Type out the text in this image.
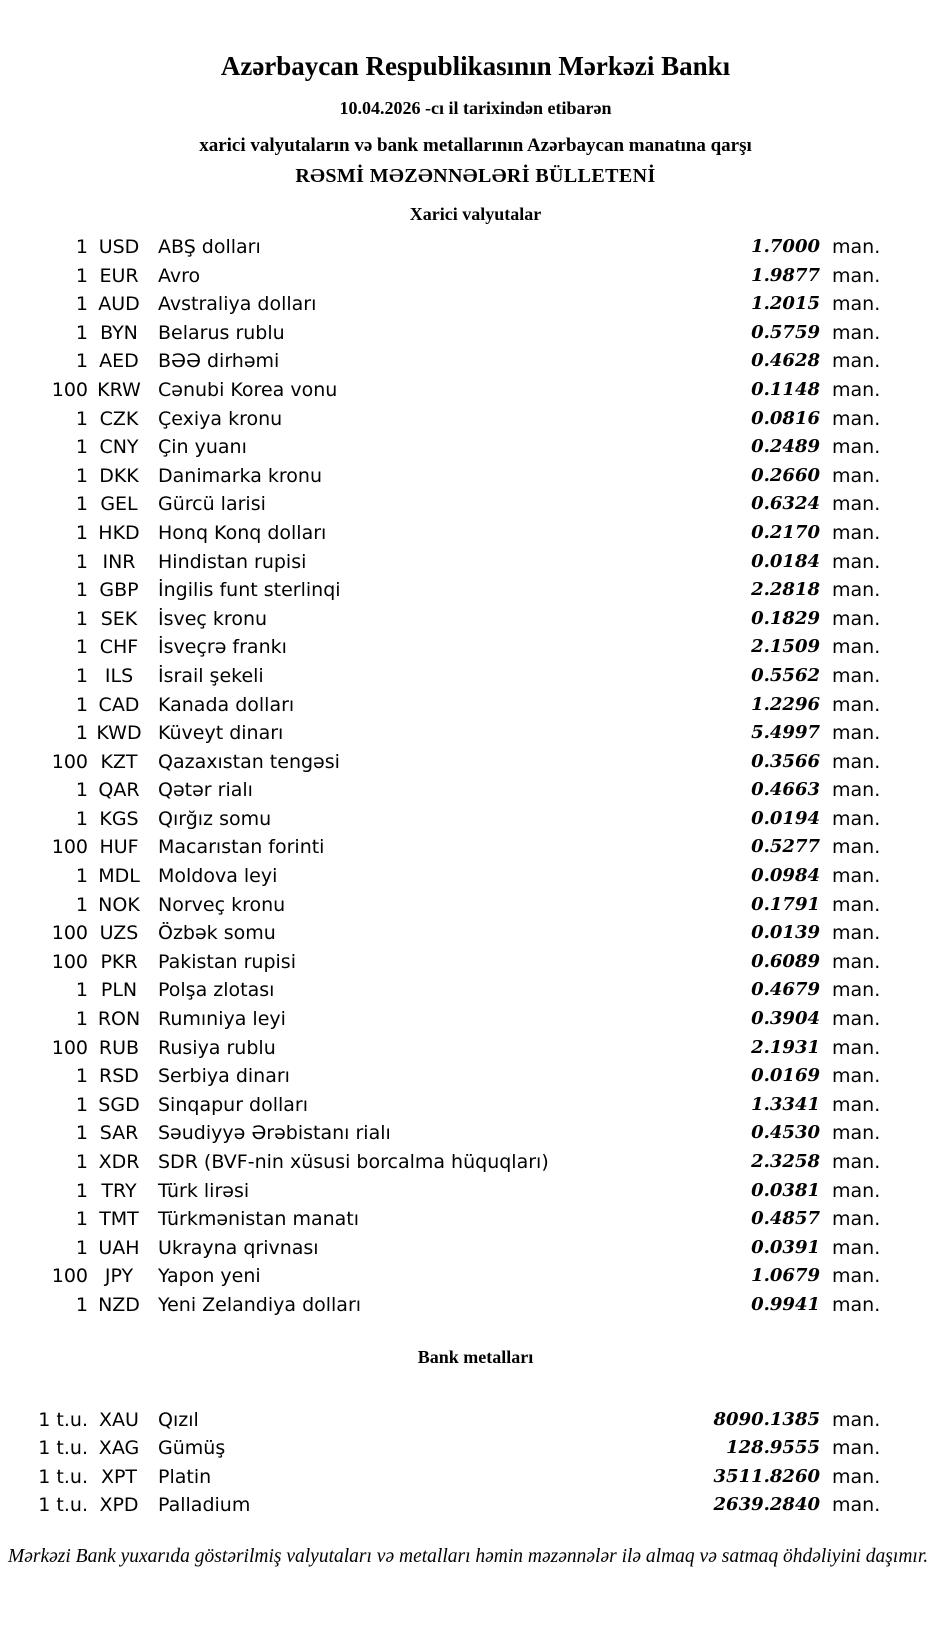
Azərbaycan Respublikasının Mərkəzi Bankı
10.04.2026 -cı il tarixindən etibarən
xarici valyutaların və bank metallarının Azərbaycan manatına qarşı
RƏSMİ MƏZƏNNƏLƏRİ BÜLLETENİ
Xarici valyutalar
1 USD ABŞ dolları	1.7000 man.
1 EUR	Avro	1.9877 man.
1 AUD Avstraliya dolları	1.2015 man.
1 BYN	Belarus rublu	0.5759 man.
1 AED	BƏƏ dirhəmi	0.4628 man.
100 KRW Cənubi Korea vonu	0.1148 man.
1 CZK	Çexiya kronu	0.0816 man.
1 CNY	Çin yuanı	0.2489 man.
1 DKK	Danimarka kronu	0.2660 man.
1 GEL	Gürcü larisi	0.6324 man.
1 HKD Honq Konq dolları	0.2170 man.
1 INR	Hindistan rupisi	0.0184 man.
1 GBP	İngilis funt sterlinqi	2.2818 man.
1 SEK	İsveç kronu	0.1829 man.
1 CHF	İsveçrə frankı	2.1509 man.
1 ILS	İsrail şekeli	0.5562 man.
1 CAD Kanada dolları	1.2296 man.
1 KWD Küveyt dinarı	5.4997 man.
100 KZT	Qazaxıstan tengəsi	0.3566 man.
1 QAR Qətər rialı	0.4663 man.
1 KGS	Qırğız somu	0.0194 man.
100 HUF	Macarıstan forinti	0.5277 man.
1 MDL Moldova leyi	0.0984 man.
1 NOK Norveç kronu	0.1791 man.
100 UZS	Özbək somu	0.0139 man.
100 PKR	Pakistan rupisi	0.6089 man.
1 PLN	Polşa zlotası	0.4679 man.
1 RON Rumıniya leyi	0.3904 man.
100 RUB Rusiya rublu	2.1931 man.
1 RSD	Serbiya dinarı	0.0169 man.
1 SGD Sinqapur dolları	1.3341 man.
1 SAR	Səudiyyə Ərəbistanı rialı	0.4530 man.
1 XDR SDR (BVF-nin xüsusi borcalma hüquqları)	2.3258 man.
1 TRY	Türk lirəsi	0.0381 man.
1 TMT	Türkmənistan manatı	0.4857 man.
1 UAH Ukrayna qrivnası	0.0391 man.
100 JPY	Yapon yeni	1.0679 man.
1 NZD Yeni Zelandiya dolları	0.9941 man.
Bank metalları
1 t.u. XAU	Qızıl	8090.1385 man.
1 t.u. XAG Gümüş	128.9555 man.
1 t.u. XPT	Platin	3511.8260 man.
1 t.u. XPD	Palladium	2639.2840 man.
Mərkəzi Bank yuxarıda göstərilmiş valyutaları və metalları həmin məzənnələr ilə almaq və satmaq öhdəliyini daşımır.
